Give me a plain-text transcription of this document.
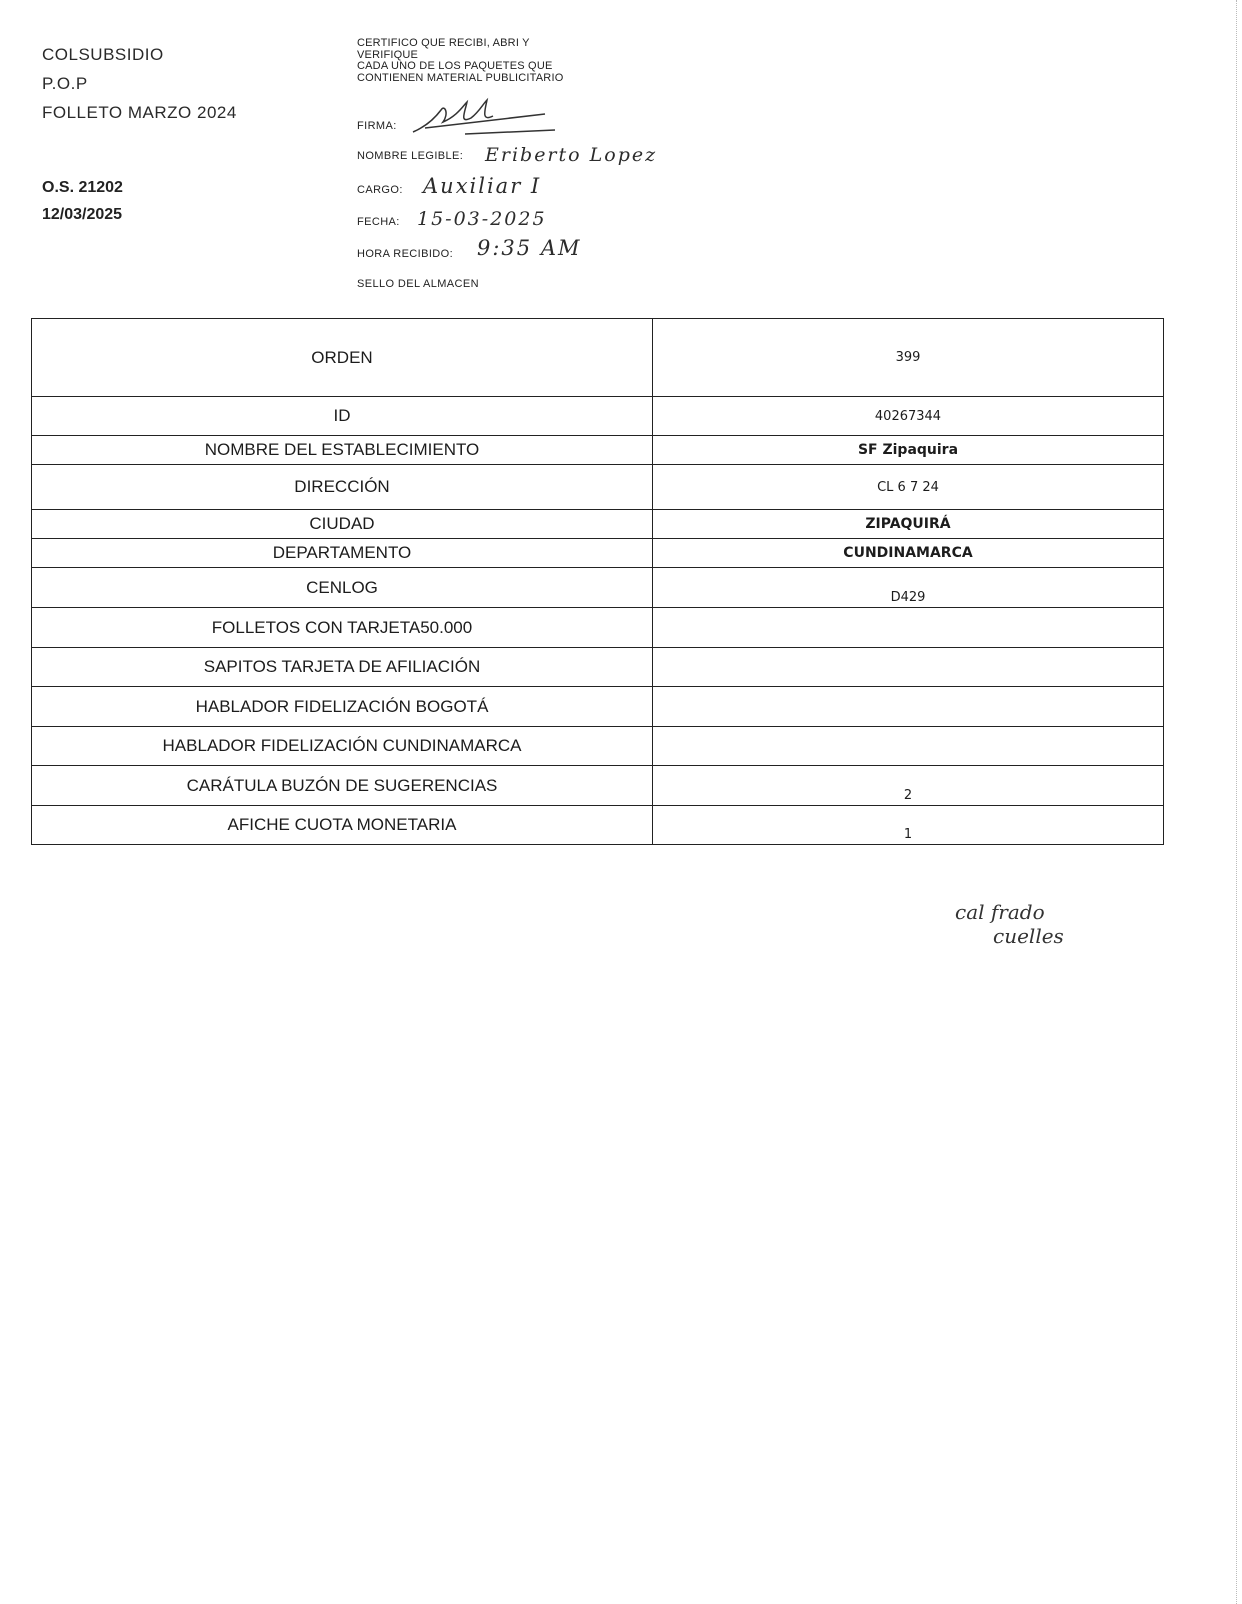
COLSUBSIDIO
P.O.P
FOLLETO MARZO 2024
O.S. 21202
12/03/2025

CERTIFICO QUE RECIBI, ABRI Y

VERIFIQUE

CADA UNO DE LOS PAQUETES QUE

CONTIENEN MATERIAL PUBLICITARIO

FIRMA:
NOMBRE LEGIBLE: Eriberto Lopez
CARGO: Auxiliar I
FECHA: 15-03-2025
HORA RECIBIDO: 9:35 AM
SELLO DEL ALMACEN
ORDEN	399
ID	40267344
NOMBRE DEL ESTABLECIMIENTO	SF Zipaquira
DIRECCIÓN	CL 6 7 24
CIUDAD	ZIPAQUIRÁ
DEPARTAMENTO	CUNDINAMARCA
CENLOG	D429
FOLLETOS CON TARJETA50.000	
SAPITOS TARJETA DE AFILIACIÓN	
HABLADOR FIDELIZACIÓN BOGOTÁ	
HABLADOR FIDELIZACIÓN CUNDINAMARCA	
CARÁTULA BUZÓN DE SUGERENCIAS	2
AFICHE CUOTA MONETARIA	1
cal frado
cuelles
